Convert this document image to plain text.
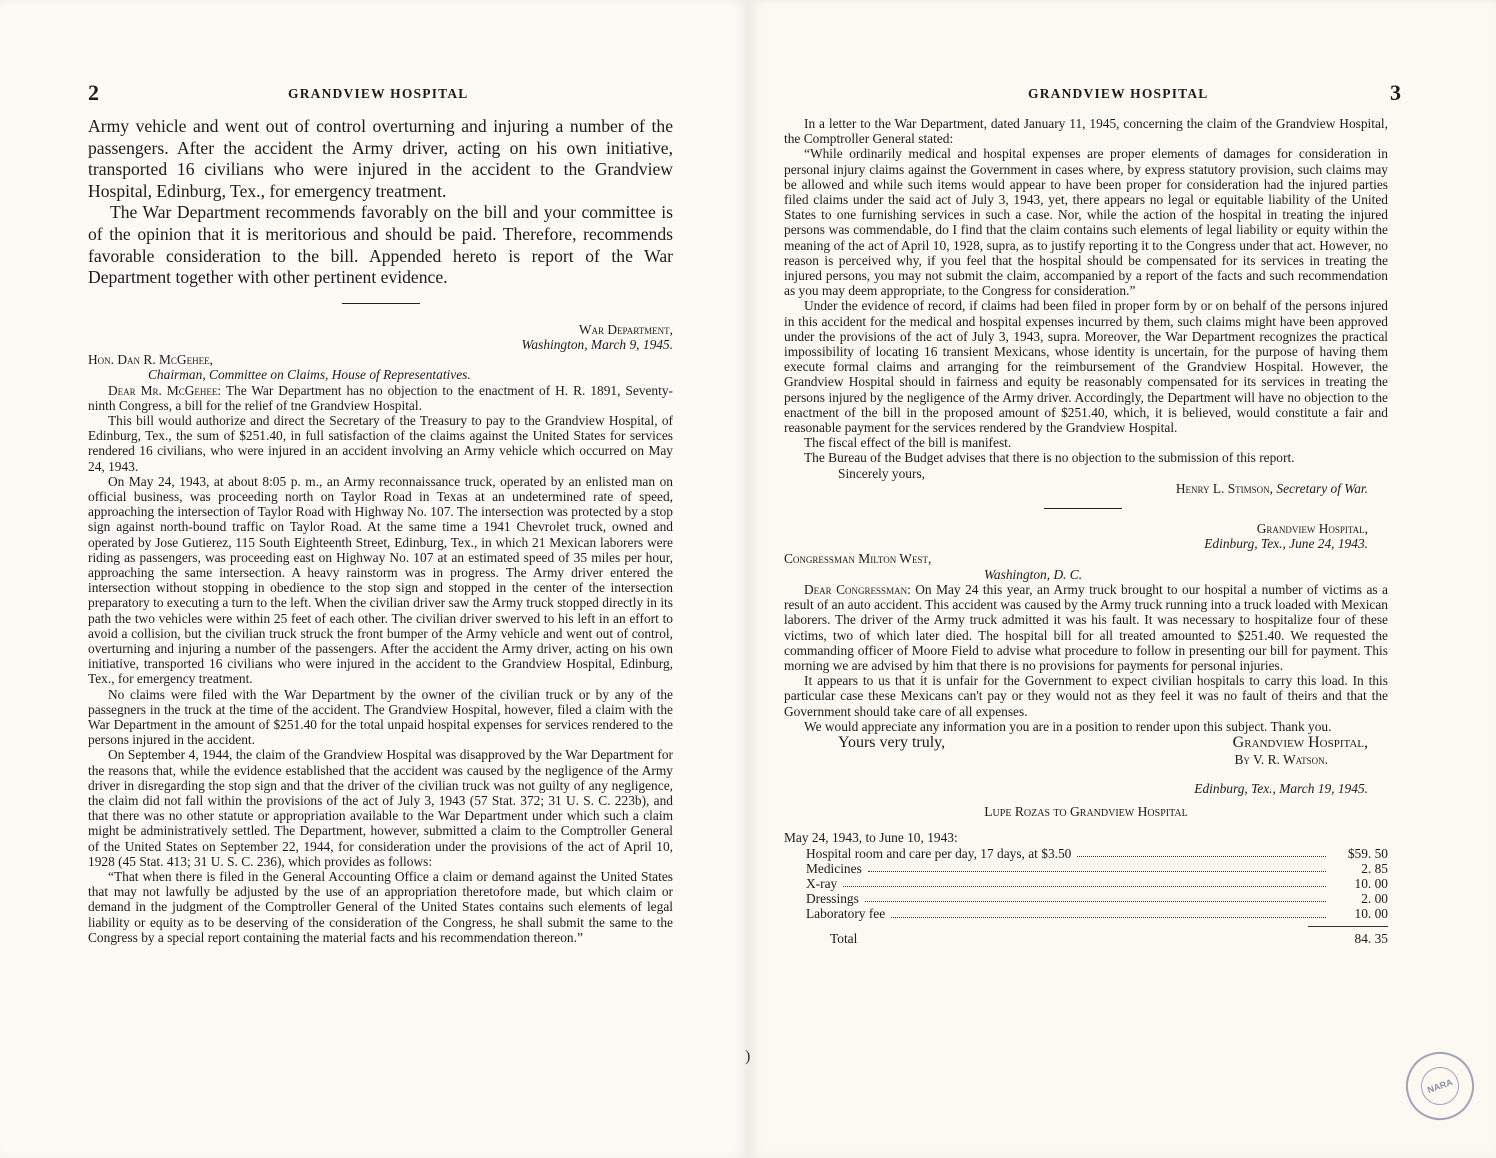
2	GRANDVIEW HOSPITAL

Army vehicle and went out of control overturning and injuring a number of the passengers. After the accident the Army driver, acting on his own initiative, transported 16 civilians who were injured in the accident to the Grandview Hospital, Edinburg, Tex., for emergency treatment.

The War Department recommends favorably on the bill and your committee is of the opinion that it is meritorious and should be paid. Therefore, recommends favorable consideration to the bill. Appended hereto is report of the War Department together with other pertinent evidence.

War Department,
Washington, March 9, 1945.
Hon. Dan R. McGehee,
Chairman, Committee on Claims, House of Representatives.

Dear Mr. McGehee: The War Department has no objection to the enactment of H. R. 1891, Seventy-ninth Congress, a bill for the relief of tne Grandview Hospital.

This bill would authorize and direct the Secretary of the Treasury to pay to the Grandview Hospital, of Edinburg, Tex., the sum of $251.40, in full satisfaction of the claims against the United States for services rendered 16 civilians, who were injured in an accident involving an Army vehicle which occurred on May 24, 1943.

On May 24, 1943, at about 8:05 p. m., an Army reconnaissance truck, operated by an enlisted man on official business, was proceeding north on Taylor Road in Texas at an undetermined rate of speed, approaching the intersection of Taylor Road with Highway No. 107. The intersection was protected by a stop sign against north-bound traffic on Taylor Road. At the same time a 1941 Chevrolet truck, owned and operated by Jose Gutierez, 115 South Eighteenth Street, Edinburg, Tex., in which 21 Mexican laborers were riding as passengers, was proceeding east on Highway No. 107 at an estimated speed of 35 miles per hour, approaching the same intersection. A heavy rainstorm was in progress. The Army driver entered the intersection without stopping in obedience to the stop sign and stopped in the center of the intersection preparatory to executing a turn to the left. When the civilian driver saw the Army truck stopped directly in its path the two vehicles were within 25 feet of each other. The civilian driver swerved to his left in an effort to avoid a collision, but the civilian truck struck the front bumper of the Army vehicle and went out of control, overturning and injuring a number of the passengers. After the accident the Army driver, acting on his own initiative, transported 16 civilians who were injured in the accident to the Grandview Hospital, Edinburg, Tex., for emergency treatment.

No claims were filed with the War Department by the owner of the civilian truck or by any of the passegners in the truck at the time of the accident. The Grandview Hospital, however, filed a claim with the War Department in the amount of $251.40 for the total unpaid hospital expenses for services rendered to the persons injured in the accident.

On September 4, 1944, the claim of the Grandview Hospital was disapproved by the War Department for the reasons that, while the evidence established that the accident was caused by the negligence of the Army driver in disregarding the stop sign and that the driver of the civilian truck was not guilty of any negligence, the claim did not fall within the provisions of the act of July 3, 1943 (57 Stat. 372; 31 U. S. C. 223b), and that there was no other statute or appropriation available to the War Department under which such a claim might be administratively settled. The Department, however, submitted a claim to the Comptroller General of the United States on September 22, 1944, for consideration under the provisions of the act of April 10, 1928 (45 Stat. 413; 31 U. S. C. 236), which provides as follows:

“That when there is filed in the General Accounting Office a claim or demand against the United States that may not lawfully be adjusted by the use of an appropriation theretofore made, but which claim or demand in the judgment of the Comptroller General of the United States contains such elements of legal liability or equity as to be deserving of the consideration of the Congress, he shall submit the same to the Congress by a special report containing the material facts and his recommendation thereon.”

GRANDVIEW HOSPITAL	3

In a letter to the War Department, dated January 11, 1945, concerning the claim of the Grandview Hospital, the Comptroller General stated:

“While ordinarily medical and hospital expenses are proper elements of damages for consideration in personal injury claims against the Government in cases where, by express statutory provision, such claims may be allowed and while such items would appear to have been proper for consideration had the injured parties filed claims under the said act of July 3, 1943, yet, there appears no legal or equitable liability of the United States to one furnishing services in such a case. Nor, while the action of the hospital in treating the injured persons was commendable, do I find that the claim contains such elements of legal liability or equity within the meaning of the act of April 10, 1928, supra, as to justify reporting it to the Congress under that act. However, no reason is perceived why, if you feel that the hospital should be compensated for its services in treating the injured persons, you may not submit the claim, accompanied by a report of the facts and such recommendation as you may deem appropriate, to the Congress for consideration.”

Under the evidence of record, if claims had been filed in proper form by or on behalf of the persons injured in this accident for the medical and hospital expenses incurred by them, such claims might have been approved under the provisions of the act of July 3, 1943, supra. Moreover, the War Department recognizes the practical impossibility of locating 16 transient Mexicans, whose identity is uncertain, for the purpose of having them execute formal claims and arranging for the reimbursement of the Grandview Hospital. However, the Grandview Hospital should in fairness and equity be reasonably compensated for its services in treating the persons injured by the negligence of the Army driver. Accordingly, the Department will have no objection to the enactment of the bill in the proposed amount of $251.40, which, it is believed, would constitute a fair and reasonable payment for the services rendered by the Grandview Hospital.

The fiscal effect of the bill is manifest.

The Bureau of the Budget advises that there is no objection to the submission of this report.

Sincerely yours,
Henry L. Stimson, Secretary of War.
Grandview Hospital,
Edinburg, Tex., June 24, 1943.
Congressman Milton West,
Washington, D. C.

Dear Congressman: On May 24 this year, an Army truck brought to our hospital a number of victims as a result of an auto accident. This accident was caused by the Army truck running into a truck loaded with Mexican laborers. The driver of the Army truck admitted it was his fault. It was necessary to hospitalize four of these victims, two of which later died. The hospital bill for all treated amounted to $251.40. We requested the commanding officer of Moore Field to advise what procedure to follow in presenting our bill for payment. This morning we are advised by him that there is no provisions for payments for personal injuries.

It appears to us that it is unfair for the Government to expect civilian hospitals to carry this load. In this particular case these Mexicans can't pay or they would not as they feel it was no fault of theirs and that the Government should take care of all expenses.

We would appreciate any information you are in a position to render upon this subject. Thank you.

Yours very truly,	Grandview Hospital,
By V. R. Watson.
Edinburg, Tex., March 19, 1945.
Lupe Rozas to Grandview Hospital
May 24, 1943, to June 10, 1943:
Hospital room and care per day, 17 days, at $3.50	$59. 50
Medicines	2. 85
X-ray	10. 00
Dressings	2. 00
Laboratory fee	10. 00
Total	84. 35
)
NARA
